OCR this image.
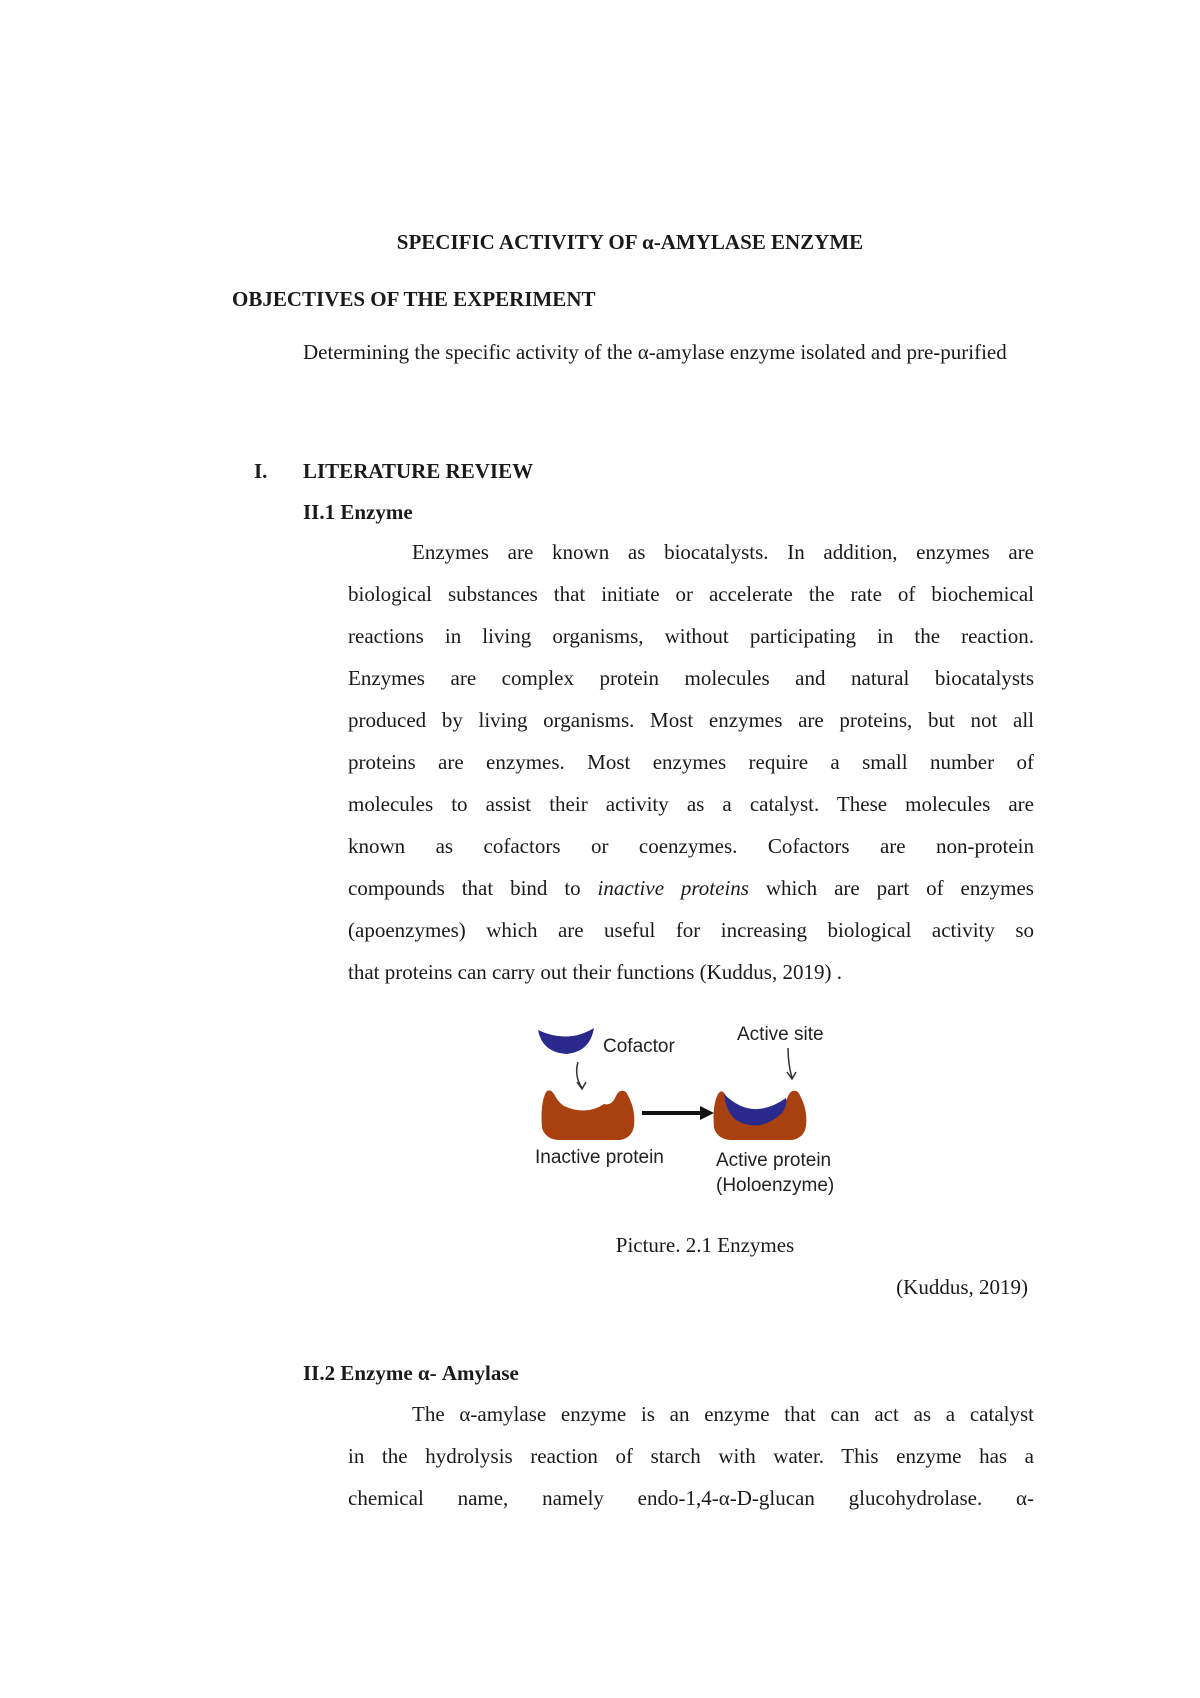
SPECIFIC ACTIVITY OF α-AMYLASE ENZYME
OBJECTIVES OF THE EXPERIMENT
Determining the specific activity of the α-amylase enzyme isolated and pre-purified
I. LITERATURE REVIEW
II.1 Enzyme
Enzymes are known as biocatalysts. In addition, enzymes are
biological substances that initiate or accelerate the rate of biochemical
reactions in living organisms, without participating in the reaction.
Enzymes are complex protein molecules and natural biocatalysts
produced by living organisms. Most enzymes are proteins, but not all
proteins are enzymes. Most enzymes require a small number of
molecules to assist their activity as a catalyst. These molecules are
known as cofactors or coenzymes. Cofactors are non-protein
compounds that bind to inactive proteins which are part of enzymes
(apoenzymes) which are useful for increasing biological activity so
that proteins can carry out their functions (Kuddus, 2019) .
Cofactor
Active site
Inactive protein	Active protein
(Holoenzyme)
Picture. 2.1 Enzymes
(Kuddus, 2019)
II.2 Enzyme α- Amylase
The α-amylase enzyme is an enzyme that can act as a catalyst
in the hydrolysis reaction of starch with water. This enzyme has a
chemical name, namely endo-1,4-α-D-glucan glucohydrolase. α-
